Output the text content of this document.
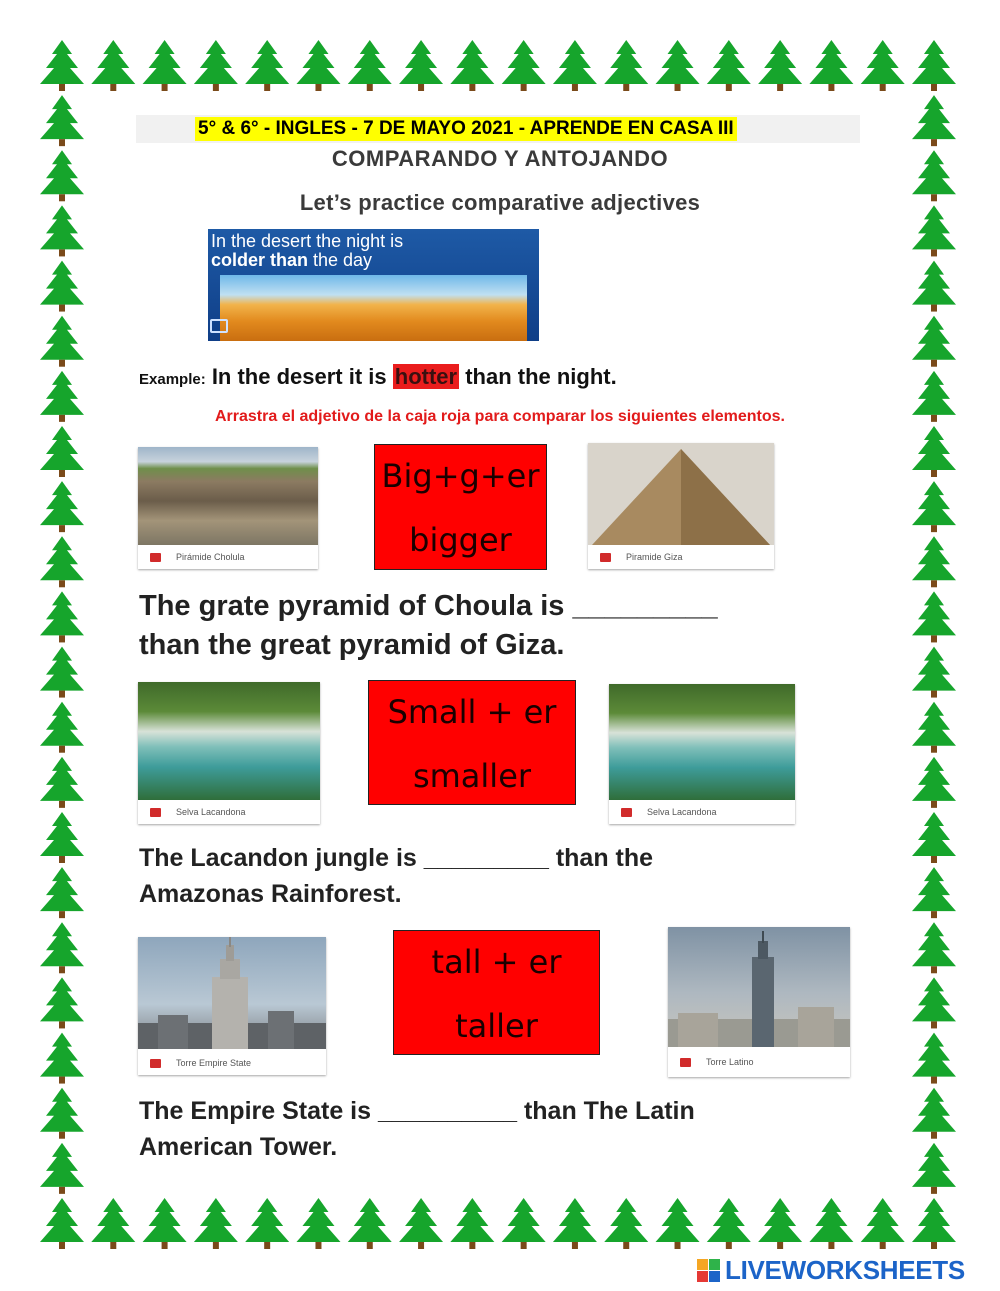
5° & 6° - INGLES - 7 DE MAYO 2021 - APRENDE EN CASA III
COMPARANDO Y ANTOJANDO
Let’s practice comparative adjectives
In the desert the night is
colder than the day
Example: In the desert it is hotter than the night.
Arrastra el adjetivo de la caja roja para comparar los siguientes elementos.
Pirámide Cholula
Big+g+er
bigger	Piramide Giza
The grate pyramid of Choula is _________
than the great pyramid of Giza.
Selva Lacandona
Small + er
smaller
Selva Lacandona
The Lacandon jungle is _________ than the
Amazonas Rainforest.
Torre Empire State
tall + er
taller
Torre Latino
The Empire State is __________ than The Latin
American Tower.
LIVEWORKSHEETS
